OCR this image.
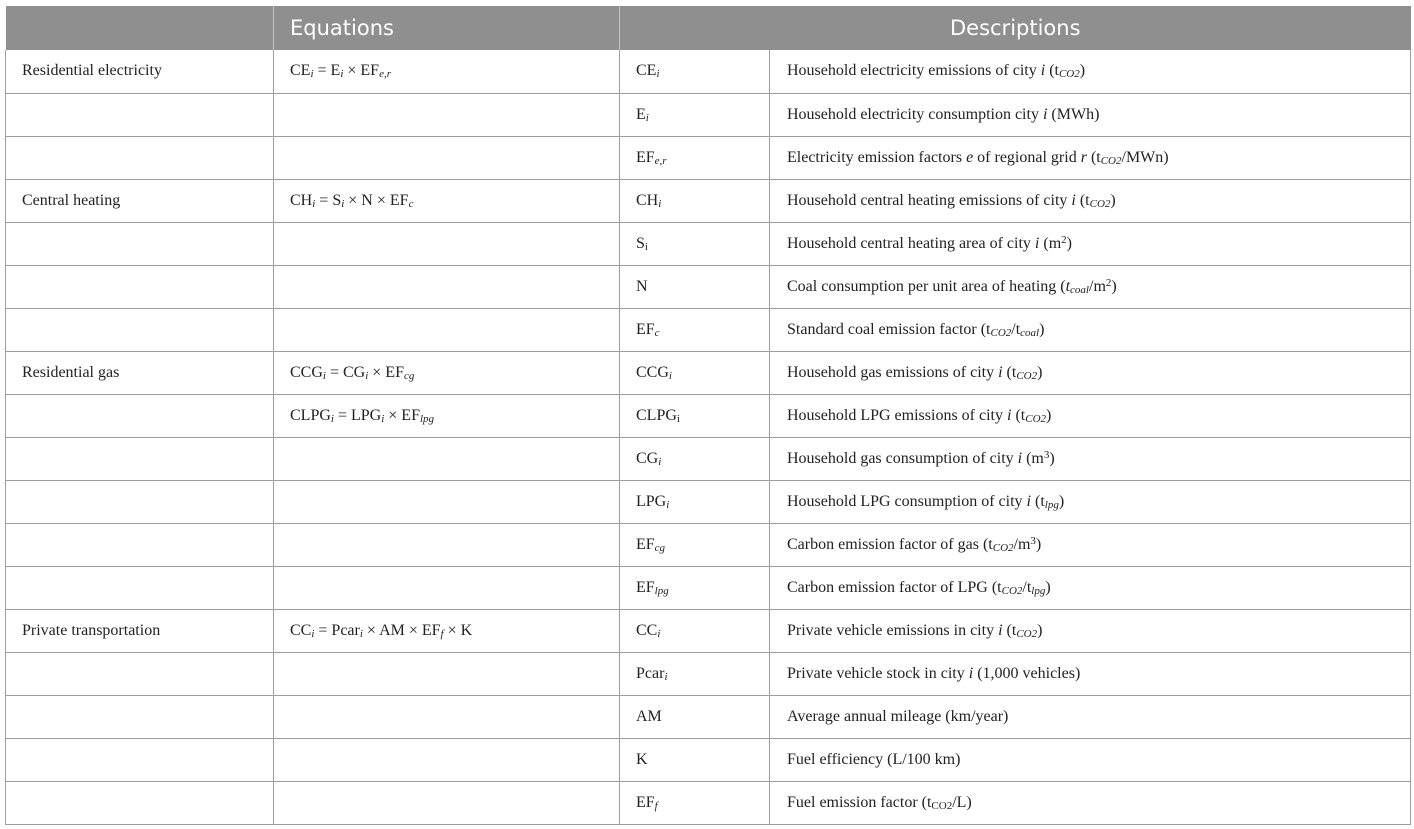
	Equations	Descriptions	
Residential electricity	$CE_i = E_i \times EF_{e,r}$	$CE_i$	Household electricity emissions of city i $(t_{CO2})$
		$E_i$	Household electricity consumption city i (MWh)
		$EF_{e,r}$	Electricity emission factors e of regional grid r $(t_{CO2}/MWn)$
Central heating	$CH_i = S_i \times N \times EF_c$	$CH_i$	Household central heating emissions of city i $(t_{CO2})$
		$S_i$	Household central heating area of city i $(m^2)$
		N	Coal consumption per unit area of heating $(t_{coal}/m^2)$
		$EF_c$	Standard coal emission factor $(t_{CO2}/t_{coal})$
Residential gas	$CCG_i = CG_i \times EF_{cg}$	$CCG_i$	Household gas emissions of city i $(t_{CO2})$
	$CLPG_i = LPG_i \times EF_{lpg}$	$CLPG_i$	Household LPG emissions of city i $(t_{CO2})$
		$CG_i$	Household gas consumption of city i $(m^3)$
		$LPG_i$	Household LPG consumption of city i $(t_{lpg})$
		$EF_{cg}$	Carbon emission factor of gas $(t_{CO2}/m^3)$
		$EF_{lpg}$	Carbon emission factor of LPG $(t_{CO2}/t_{lpg})$
Private transportation	$CC_i$ = Pcar$_i$ × AM × $EF_f \times K$	$CC_i$	Private vehicle emissions in city i $(t_{CO2})$
		Pcar$_i$	Private vehicle stock in city i (1,000 vehicles)
		AM	Average annual mileage (km/year)
		K	Fuel efficiency (L/100 km)
		$EF_f$	Fuel emission factor $(t_{CO2}/L)$
